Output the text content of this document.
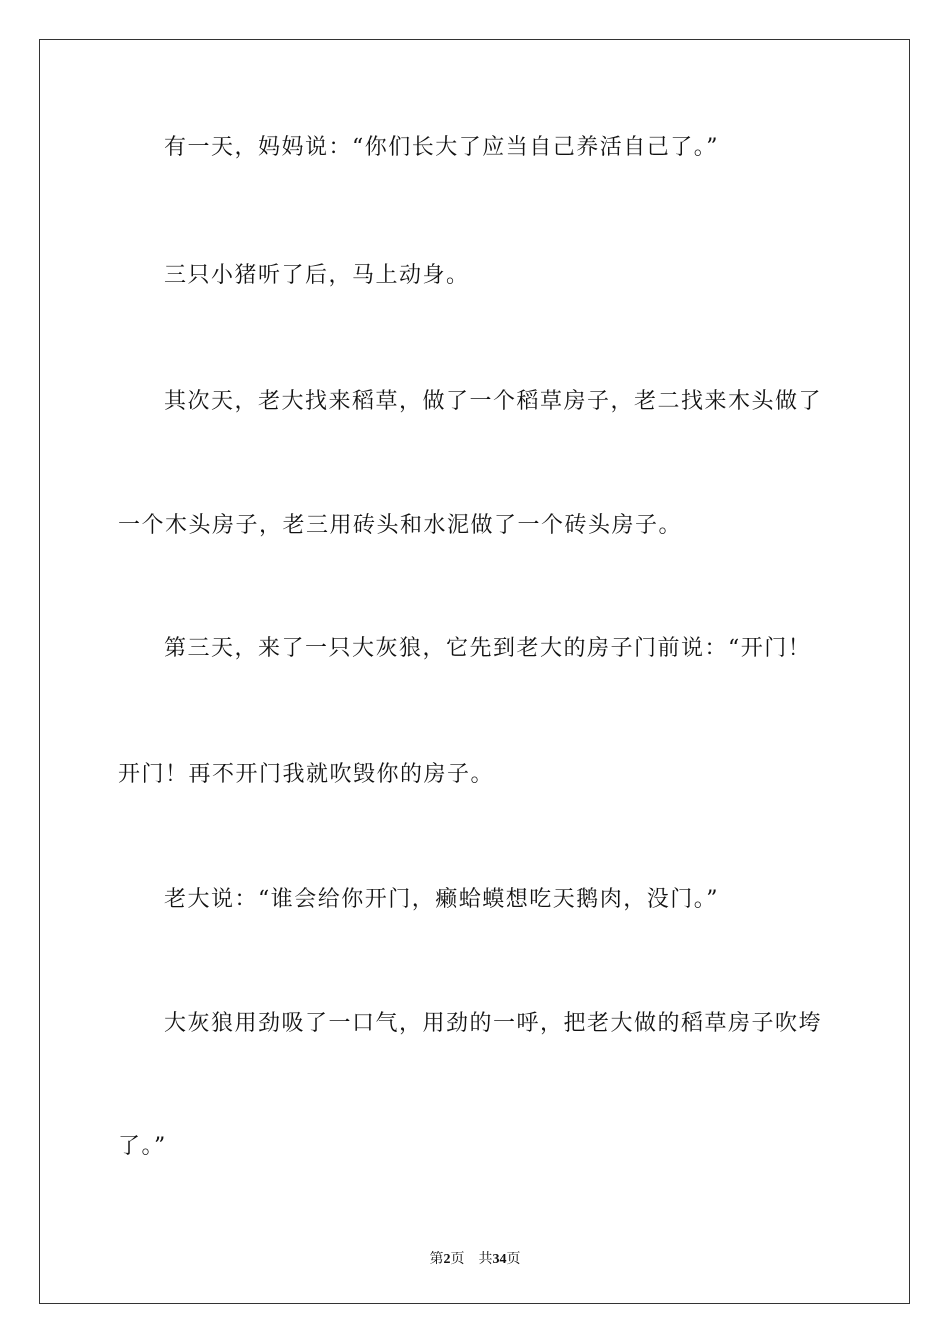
有一天，妈妈说：“你们长大了应当自己养活自己了。”
三只小猪听了后，马上动身。
其次天，老大找来稻草，做了一个稻草房子，老二找来木头做了
一个木头房子，老三用砖头和水泥做了一个砖头房子。
第三天，来了一只大灰狼，它先到老大的房子门前说：“开门！
开门！再不开门我就吹毁你的房子。
老大说：“谁会给你开门，癞蛤蟆想吃天鹅肉，没门。”
大灰狼用劲吸了一口气，用劲的一呼，把老大做的稻草房子吹垮
了。”
第2页 共34页
